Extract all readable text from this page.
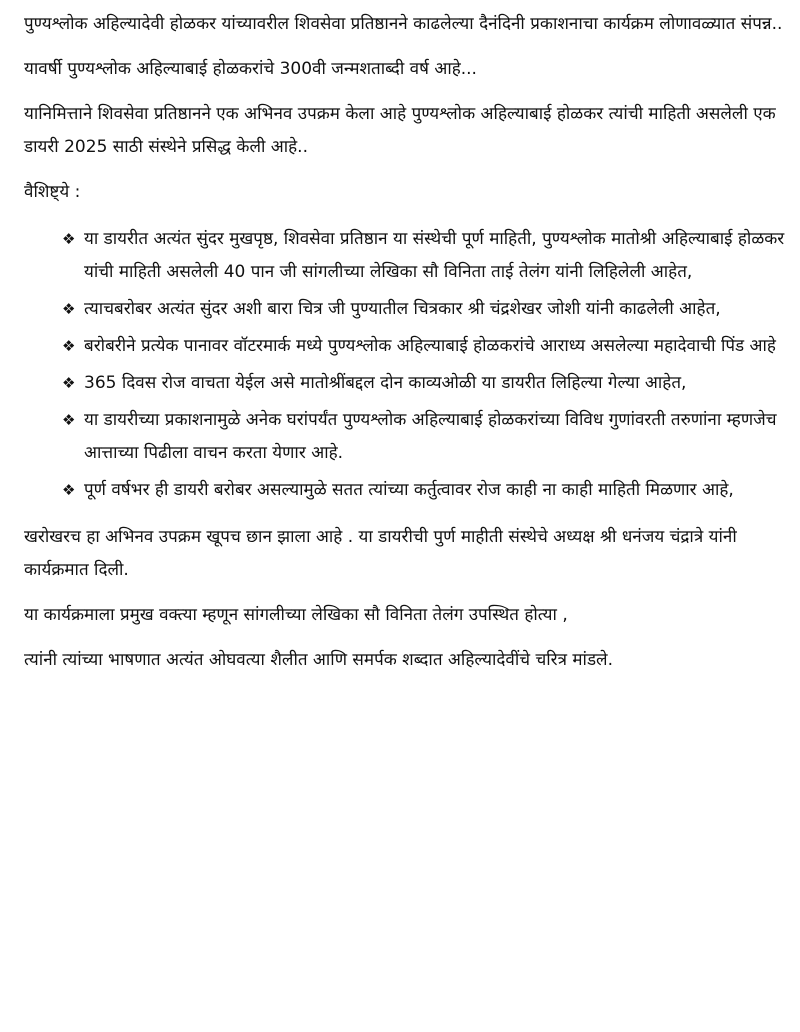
पुण्यश्लोक अहिल्यादेवी होळकर यांच्यावरील शिवसेवा प्रतिष्ठानने काढलेल्या दैनंदिनी प्रकाशनाचा कार्यक्रम लोणावळ्यात संपन्न..

यावर्षी पुण्यश्लोक अहिल्याबाई होळकरांचे 300वी जन्मशताब्दी वर्ष आहे...

यानिमित्ताने शिवसेवा प्रतिष्ठानने एक अभिनव उपक्रम केला आहे पुण्यश्लोक अहिल्याबाई होळकर त्यांची माहिती असलेली एक डायरी 2025 साठी संस्थेने प्रसिद्ध केली आहे..

वैशिष्ट्ये :

❖ या डायरीत अत्यंत सुंदर मुखपृष्ठ, शिवसेवा प्रतिष्ठान या संस्थेची पूर्ण माहिती, पुण्यश्लोक मातोश्री अहिल्याबाई होळकर यांची माहिती असलेली 40 पान जी सांगलीच्या लेखिका सौ विनिता ताई तेलंग यांनी लिहिलेली आहेत,
❖ त्याचबरोबर अत्यंत सुंदर अशी बारा चित्र जी पुण्यातील चित्रकार श्री चंद्रशेखर जोशी यांनी काढलेली आहेत,
❖ बरोबरीने प्रत्येक पानावर वॉटरमार्क मध्ये पुण्यश्लोक अहिल्याबाई होळकरांचे आराध्य असलेल्या महादेवाची पिंड आहे
❖ 365 दिवस रोज वाचता येईल असे मातोश्रींबद्दल दोन काव्यओळी या डायरीत लिहिल्या गेल्या आहेत,
❖ या डायरीच्या प्रकाशनामुळे अनेक घरांपर्यंत पुण्यश्लोक अहिल्याबाई होळकरांच्या विविध गुणांवरती तरुणांना म्हणजेच आत्ताच्या पिढीला वाचन करता येणार आहे.
❖ पूर्ण वर्षभर ही डायरी बरोबर असल्यामुळे सतत त्यांच्या कर्तुत्वावर रोज काही ना काही माहिती मिळणार आहे,

खरोखरच हा अभिनव उपक्रम खूपच छान झाला आहे . या डायरीची पुर्ण माहीती संस्थेचे अध्यक्ष श्री धनंजय चंद्रात्रे यांनी कार्यक्रमात दिली.

या कार्यक्रमाला प्रमुख वक्त्या म्हणून सांगलीच्या लेखिका सौ विनिता तेलंग उपस्थित होत्या ,

त्यांनी त्यांच्या भाषणात अत्यंत ओघवत्या शैलीत आणि समर्पक शब्दात अहिल्यादेवींचे चरित्र मांडले.
